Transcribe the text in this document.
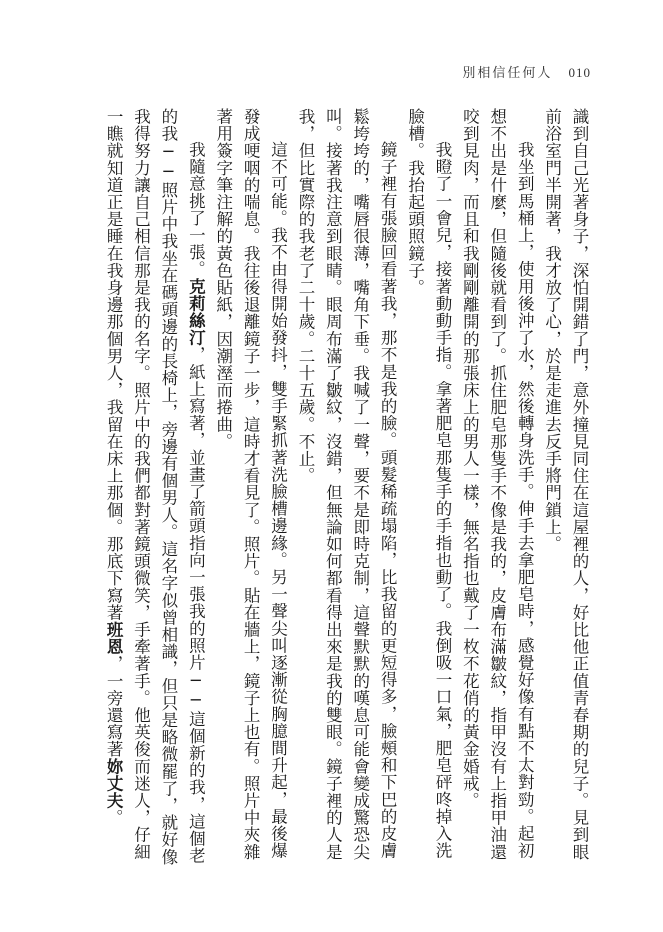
別相信任何人 010

識到自己光著身子，深怕開錯了門，意外撞見同住在這屋裡的人，好比他正值青春期的兒子。見到眼前浴室門半開著，我才放了心，於是走進去反手將門鎖上。

我坐到馬桶上，使用後沖了水，然後轉身洗手。伸手去拿肥皂時，感覺好像有點不太對勁。起初想不出是什麼，但隨後就看到了。抓住肥皂那隻手不像是我的，皮膚布滿皺紋，指甲沒有上指甲油還咬到見肉，而且和我剛剛離開的那張床上的男人一樣，無名指也戴了一枚不花俏的黃金婚戒。

我瞪了一會兒，接著動動手指。拿著肥皂那隻手的手指也動了。我倒吸一口氣，肥皂砰咚掉入洗臉槽。我抬起頭照鏡子。

鏡子裡有張臉回看著我，那不是我的臉。頭髮稀疏塌陷，比我留的更短得多，臉頰和下巴的皮膚鬆垮垮的，嘴唇很薄，嘴角下垂。我喊了一聲，要不是即時克制，這聲默默的嘆息可能會變成驚恐尖叫。接著我注意到眼睛。眼周布滿了皺紋，沒錯，但無論如何都看得出來是我的雙眼。鏡子裡的人是我，但比實際的我老了二十歲。二十五歲。不止。

這不可能。我不由得開始發抖，雙手緊抓著洗臉槽邊緣。另一聲尖叫逐漸從胸臆間升起，最後爆發成哽咽的喘息。我往後退離鏡子一步，這時才看見了。照片。貼在牆上，鏡子上也有。照片中夾雜著用簽字筆注解的黃色貼紙，因潮溼而捲曲。

我隨意挑了一張。克莉絲汀，紙上寫著，並畫了箭頭指向一張我的照片──這個新的我，這個老的我──照片中我坐在碼頭邊的長椅上，旁邊有個男人。這名字似曾相識，但只是略微罷了，就好像我得努力讓自己相信那是我的名字。照片中的我們都對著鏡頭微笑，手牽著手。他英俊而迷人，仔細一瞧就知道正是睡在我身邊那個男人，我留在床上那個。那底下寫著班恩，一旁還寫著妳丈夫。
